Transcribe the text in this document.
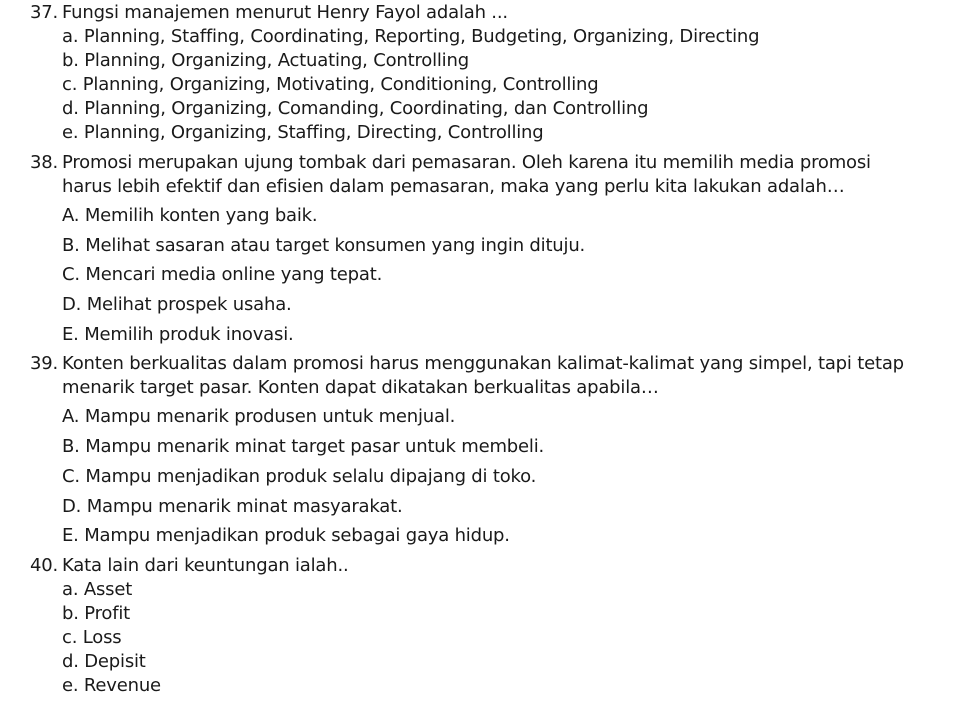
37. Fungsi manajemen menurut Henry Fayol adalah ...
a. Planning, Staffing, Coordinating, Reporting, Budgeting, Organizing, Directing
b. Planning, Organizing, Actuating, Controlling
c. Planning, Organizing, Motivating, Conditioning, Controlling
d. Planning, Organizing, Comanding, Coordinating, dan Controlling
e. Planning, Organizing, Staffing, Directing, Controlling
38. Promosi merupakan ujung tombak dari pemasaran. Oleh karena itu memilih media promosi
harus lebih efektif dan efisien dalam pemasaran, maka yang perlu kita lakukan adalah…
A. Memilih konten yang baik.
B. Melihat sasaran atau target konsumen yang ingin dituju.
C. Mencari media online yang tepat.
D. Melihat prospek usaha.
E. Memilih produk inovasi.
39. Konten berkualitas dalam promosi harus menggunakan kalimat-kalimat yang simpel, tapi tetap
menarik target pasar. Konten dapat dikatakan berkualitas apabila…
A. Mampu menarik produsen untuk menjual.
B. Mampu menarik minat target pasar untuk membeli.
C. Mampu menjadikan produk selalu dipajang di toko.
D. Mampu menarik minat masyarakat.
E. Mampu menjadikan produk sebagai gaya hidup.
40. Kata lain dari keuntungan ialah..
a. Asset
b. Profit
c. Loss
d. Depisit
e. Revenue
